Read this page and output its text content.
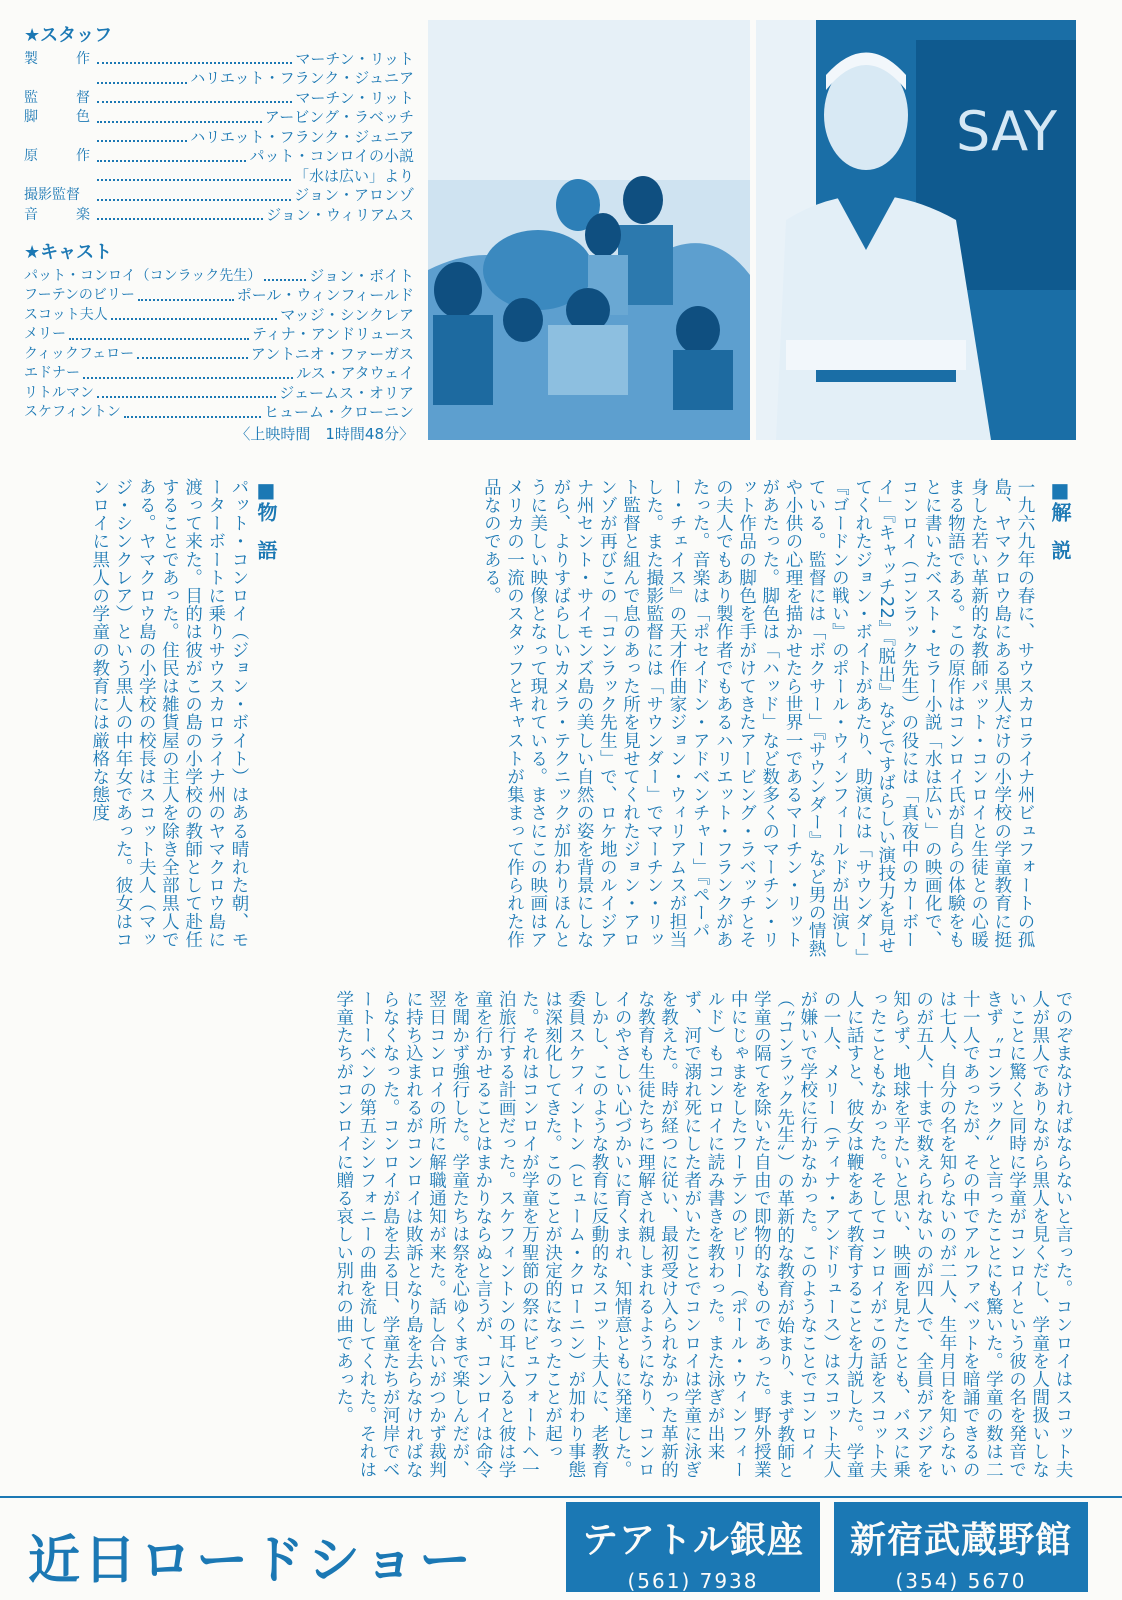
★スタッフ
製　作	マーチン・リット
ハリエット・フランク・ジュニア
監　督	マーチン・リット
脚　色	アービング・ラベッチ
ハリエット・フランク・ジュニア
原　作	パット・コンロイの小説
「水は広い」より
撮影監督	ジョン・アロンゾ
音　楽	ジョン・ウィリアムス
★キャスト
パット・コンロイ（コンラック先生）	ジョン・ボイト
フーテンのビリー	ポール・ウィンフィールド
スコット夫人	マッジ・シンクレア
メリー	ティナ・アンドリュース
クィックフェロー	アントニオ・ファーガス
エドナー	ルス・アタウェイ
リトルマン	ジェームス・オリア
スケフィントン	ヒューム・クローニン
〈上映時間　1時間48分〉
SAY
■解説
一九六九年の春に、サウスカロライナ州ビュフォートの孤島、ヤマクロウ島にある黒人だけの小学校の学童教育に挺身した若い革新的な教師パット・コンロイと生徒との心暖まる物語である。この原作はコンロイ氏が自らの体験をもとに書いたベスト・セラー小説「水は広い」の映画化で、コンロイ（コンラック先生）の役には「真夜中のカーボーイ」『キャッチ22』『脱出』などですばらしい演技力を見せてくれたジョン・ボイトがあたり、助演には「サウンダー」『ゴードンの戦い』のポール・ウィンフィールドが出演している。監督には「ボクサー」『サウンダー』など男の情熱や小供の心理を描かせたら世界一であるマーチン・リットがあたった。脚色は「ハッド」など数多くのマーチン・リット作品の脚色を手がけてきたアービング・ラベッチとその夫人でもあり製作者でもあるハリエット・フランクがあたった。音楽は「ポセイドン・アドベンチャー」『ペーパー・チェイス』の天才作曲家ジョン・ウィリアムスが担当した。また撮影監督には「サウンダー」でマーチン・リット監督と組んで息のあった所を見せてくれたジョン・アロンゾが再びこの「コンラック先生」で、ロケ地のルイジアナ州セント・サイモンズ島の美しい自然の姿を背景にしながら、よりすばらしいカメラ・テクニックが加わりほんとうに美しい映像となって現れている。まさにこの映画はアメリカの一流のスタッフとキャストが集まって作られた作品なのである。
■物語
パット・コンロイ（ジョン・ボイト）はある晴れた朝、モーターボートに乗りサウスカロライナ州のヤマクロウ島に渡って来た。目的は彼がこの島の小学校の教師として赴任することであった。住民は雑貨屋の主人を除き全部黒人である。ヤマクロウ島の小学校の校長はスコット夫人（マッジ・シンクレア）という黒人の中年女であった。彼女はコンロイに黒人の学童の教育には厳格な態度
でのぞまなければならないと言った。コンロイはスコット夫人が黒人でありながら黒人を見くだし、学童を人間扱いしないことに驚くと同時に学童がコンロイという彼の名を発音できず〝コンラック〟と言ったことにも驚いた。学童の数は二十一人であったが、その中でアルファベットを暗誦できるのは七人、自分の名を知らないのが二人、生年月日を知らないのが五人、十まで数えられないのが四人で、全員がアジアを知らず、地球を平たいと思い、映画を見たことも、バスに乗ったこともなかった。そしてコンロイがこの話をスコット夫人に話すと、彼女は鞭をあて教育することを力説した。学童の一人、メリー（ティナ・アンドリュース）はスコット夫人が嫌いで学校に行かなかった。このようなことでコンロイ（〝コンラック先生〟）の革新的な教育が始まり、まず教師と学童の隔てを除いた自由で即物的なものであった。野外授業中にじゃまをしたフーテンのビリー（ポール・ウィンフィールド）もコンロイに読み書きを教わった。また泳ぎが出来ず、河で溺れ死にした者がいたことでコンロイは学童に泳ぎを教えた。時が経つに従い、最初受け入られなかった革新的な教育も生徒たちに理解され親しまれるようになり、コンロイのやさしい心づかいに育くまれ、知情意ともに発達した。しかし、このような教育に反動的なスコット夫人に、老教育委員スケフィントン（ヒューム・クローニン）が加わり事態は深刻化してきた。このことが決定的になったことが起った。それはコンロイが学童を万聖節の祭にビュフォートへ一泊旅行する計画だった。スケフィントンの耳に入ると彼は学童を行かせることはまかりならぬと言うが、コンロイは命令を聞かず強行した。学童たちは祭を心ゆくまで楽しんだが、翌日コンロイの所に解職通知が来た。話し合いがつかず裁判に持ち込まれるがコンロイは敗訴となり島を去らなければならなくなった。コンロイが島を去る日、学童たちが河岸でベートーベンの第五シンフォニーの曲を流してくれた。それは学童たちがコンロイに贈る哀しい別れの曲であった。
近日ロードショー	テアトル銀座
(561) 7938
新宿武蔵野館
(354) 5670
